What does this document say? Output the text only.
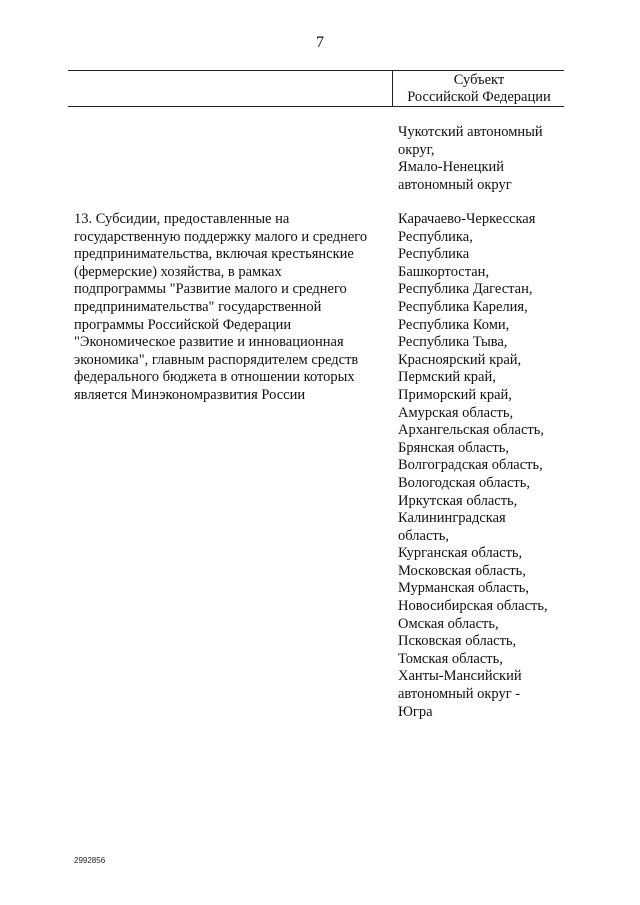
7
Субъект
Российской Федерации
Чукотский автономный
округ,
Ямало-Ненецкий
автономный округ
13. Субсидии, предоставленные на
государственную поддержку малого и среднего
предпринимательства, включая крестьянские
(фермерские) хозяйства, в рамках
подпрограммы "Развитие малого и среднего
предпринимательства" государственной
программы Российской Федерации
"Экономическое развитие и инновационная
экономика", главным распорядителем средств
федерального бюджета в отношении которых
является Минэкономразвития России
Карачаево-Черкесская
Республика,
Республика
Башкортостан,
Республика Дагестан,
Республика Карелия,
Республика Коми,
Республика Тыва,
Красноярский край,
Пермский край,
Приморский край,
Амурская область,
Архангельская область,
Брянская область,
Волгоградская область,
Вологодская область,
Иркутская область,
Калининградская
область,
Курганская область,
Московская область,
Мурманская область,
Новосибирская область,
Омская область,
Псковская область,
Томская область,
Ханты-Мансийский
автономный округ -
Югра
2992856
